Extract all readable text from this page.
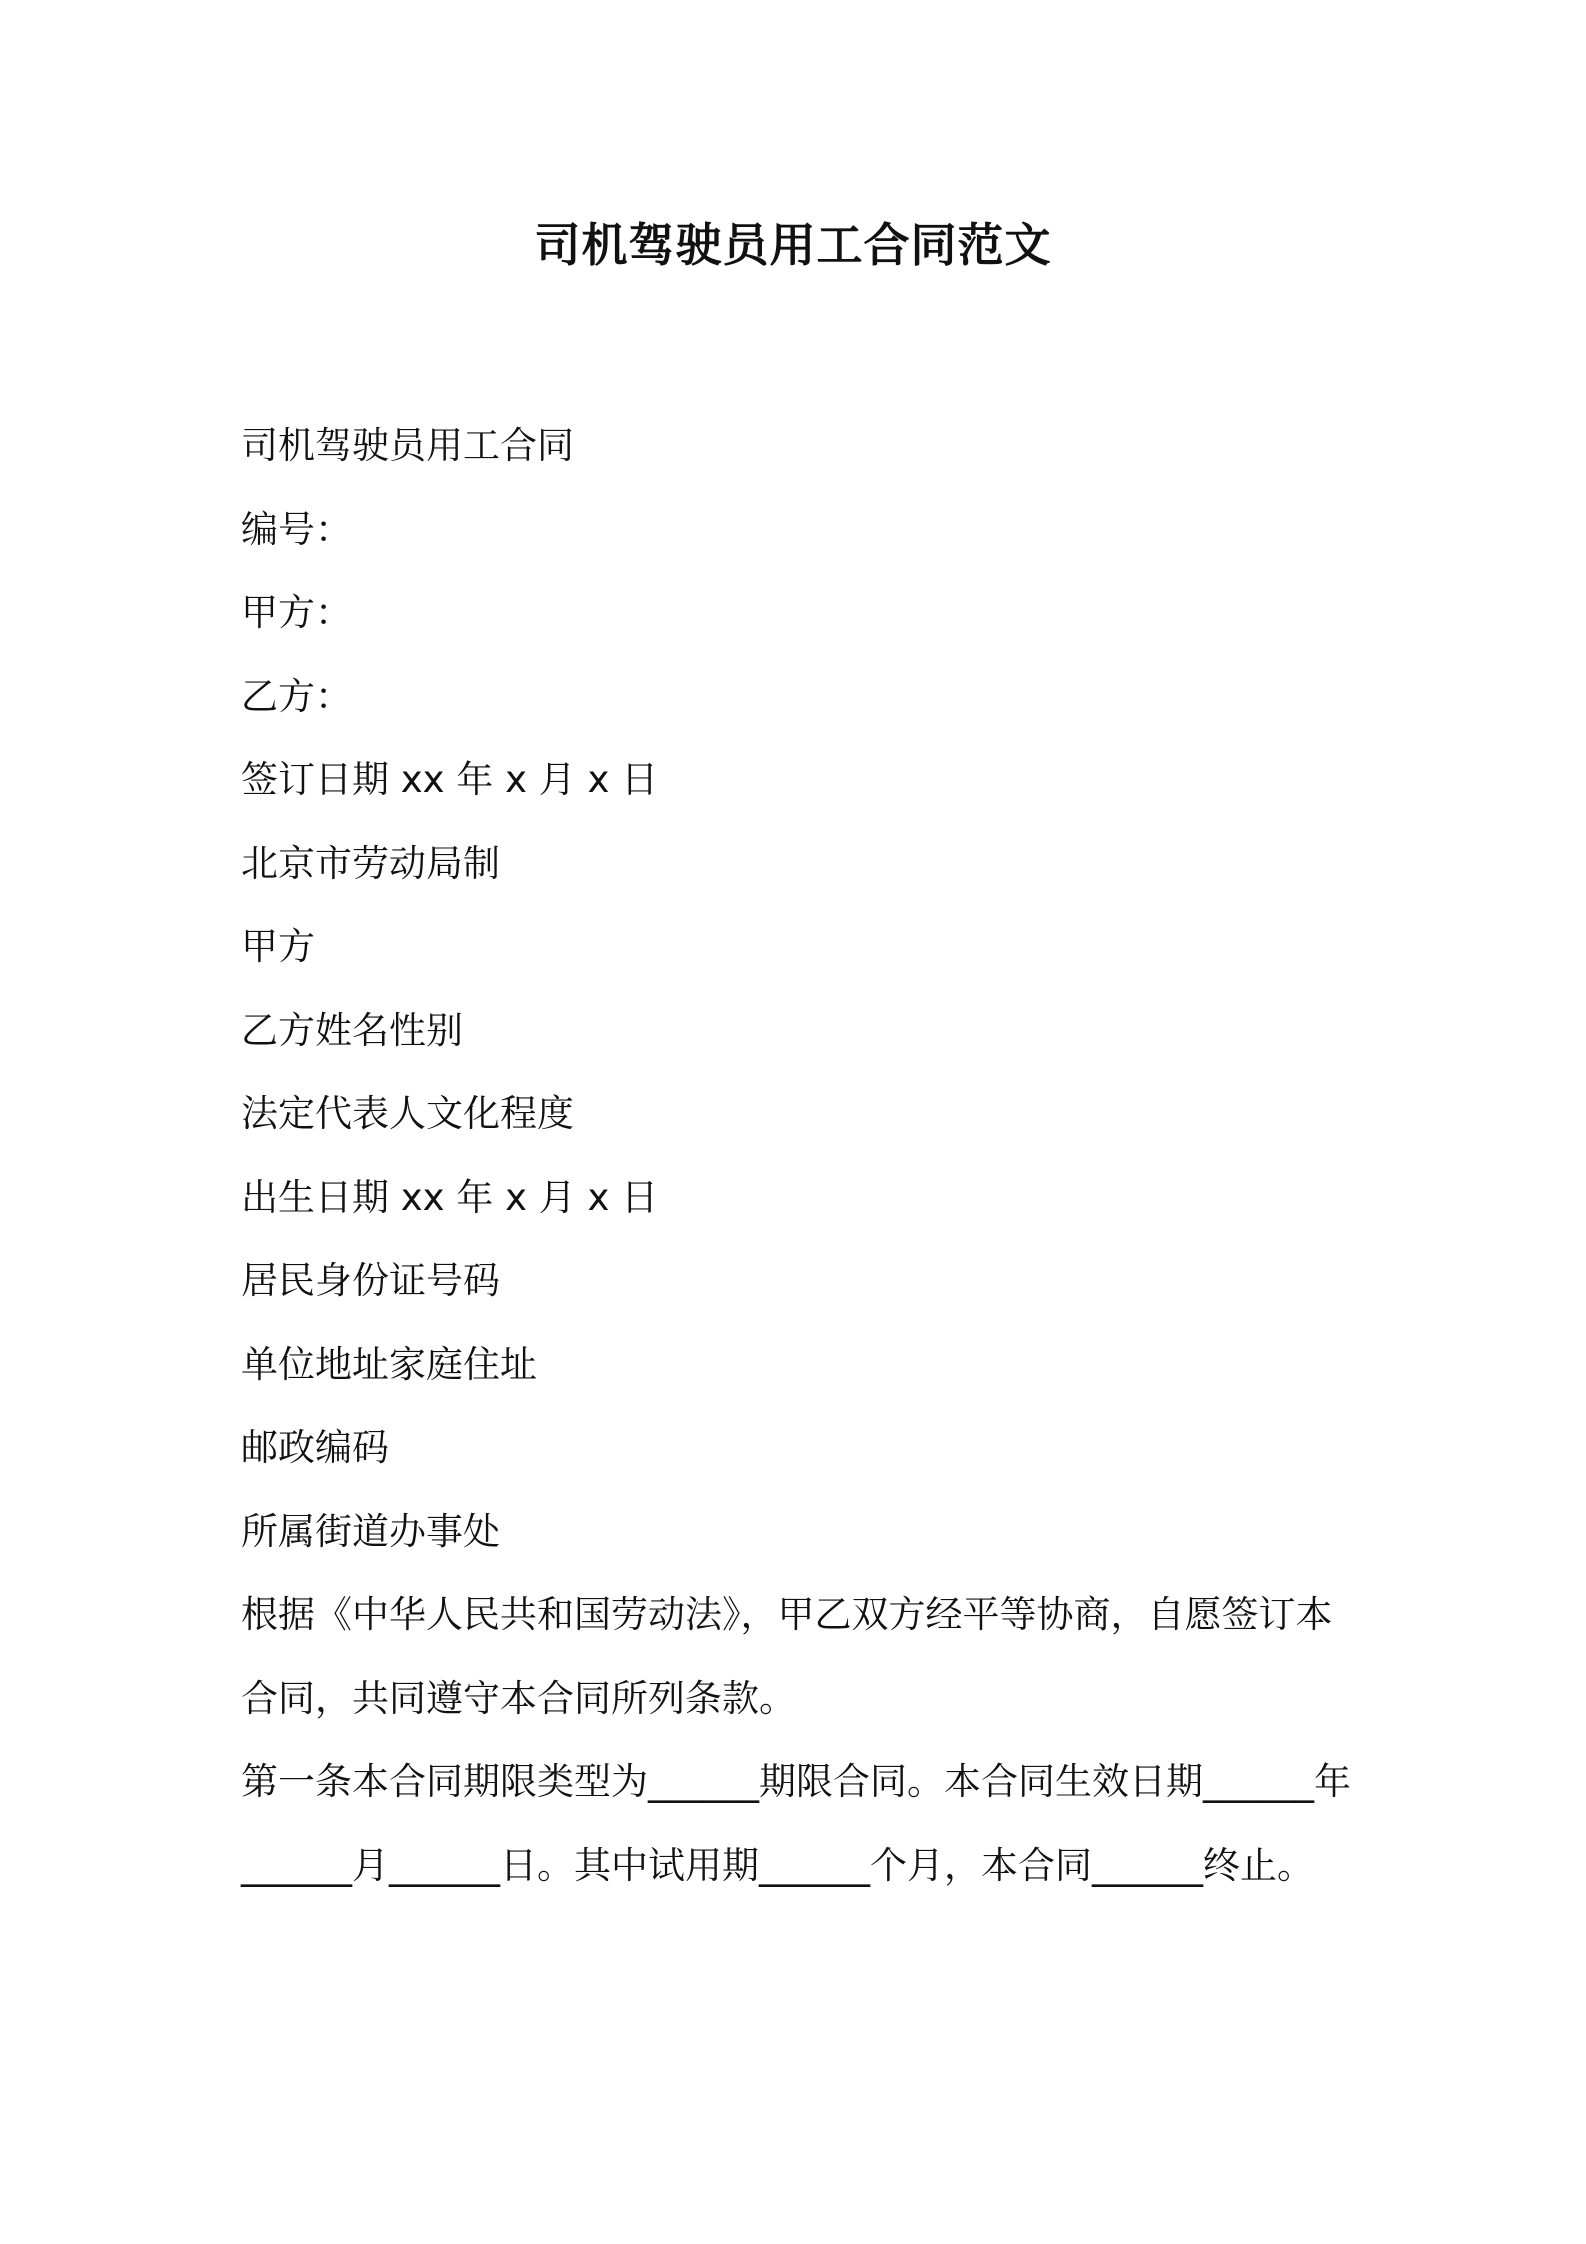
司机驾驶员用工合同范文
司机驾驶员用工合同
编号：
甲方：
乙方：
签订日期 xx 年 x 月 x 日
北京市劳动局制
甲方
乙方姓名性别
法定代表人文化程度
出生日期 xx 年 x 月 x 日
居民身份证号码
单位地址家庭住址
邮政编码
所属街道办事处
根据《中华人民共和国劳动法》，甲乙双方经平等协商，自愿签订本合同，共同遵守本合同所列条款。
第一条本合同期限类型为______期限合同。本合同生效日期______年______月______日。其中试用期______个月，本合同______终止。
